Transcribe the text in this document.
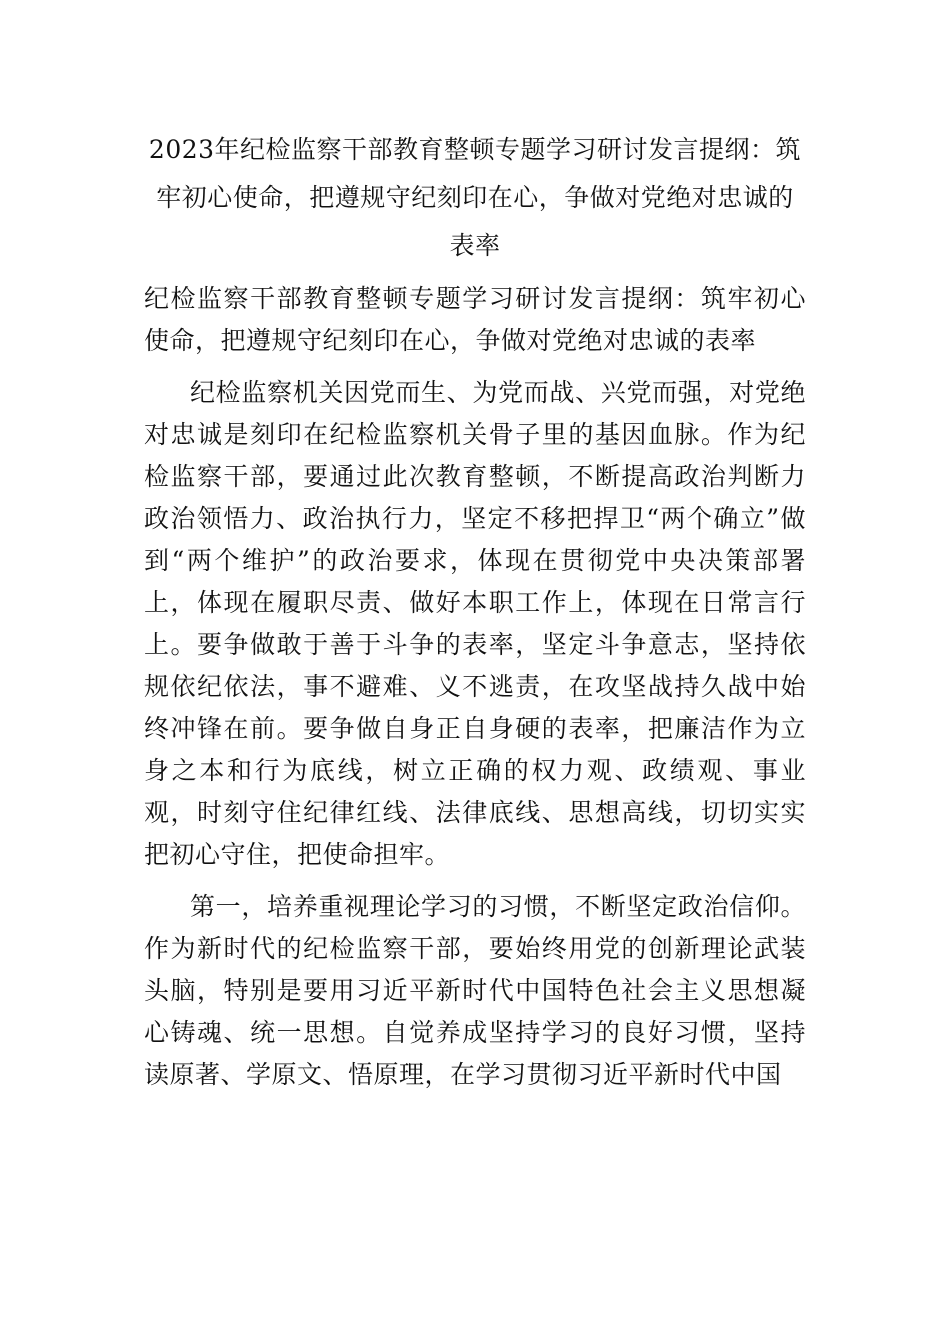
2023年纪检监察干部教育整顿专题学习研讨发言提纲：筑牢初心使命，把遵规守纪刻印在心，争做对党绝对忠诚的表率

纪检监察干部教育整顿专题学习研讨发言提纲：筑牢初心使命，把遵规守纪刻印在心，争做对党绝对忠诚的表率

纪检监察机关因党而生、为党而战、兴党而强，对党绝对忠诚是刻印在纪检监察机关骨子里的基因血脉。作为纪检监察干部，要通过此次教育整顿，不断提高政治判断力政治领悟力、政治执行力，坚定不移把捍卫“两个确立”做到“两个维护”的政治要求，体现在贯彻党中央决策部署上，体现在履职尽责、做好本职工作上，体现在日常言行上。要争做敢于善于斗争的表率，坚定斗争意志，坚持依规依纪依法，事不避难、义不逃责，在攻坚战持久战中始终冲锋在前。要争做自身正自身硬的表率，把廉洁作为立身之本和行为底线，树立正确的权力观、政绩观、事业观，时刻守住纪律红线、法律底线、思想高线，切切实实把初心守住，把使命担牢。

第一，培养重视理论学习的习惯，不断坚定政治信仰。作为新时代的纪检监察干部，要始终用党的创新理论武装头脑，特别是要用习近平新时代中国特色社会主义思想凝心铸魂、统一思想。自觉养成坚持学习的良好习惯，坚持读原著、学原文、悟原理，在学习贯彻习近平新时代中国
